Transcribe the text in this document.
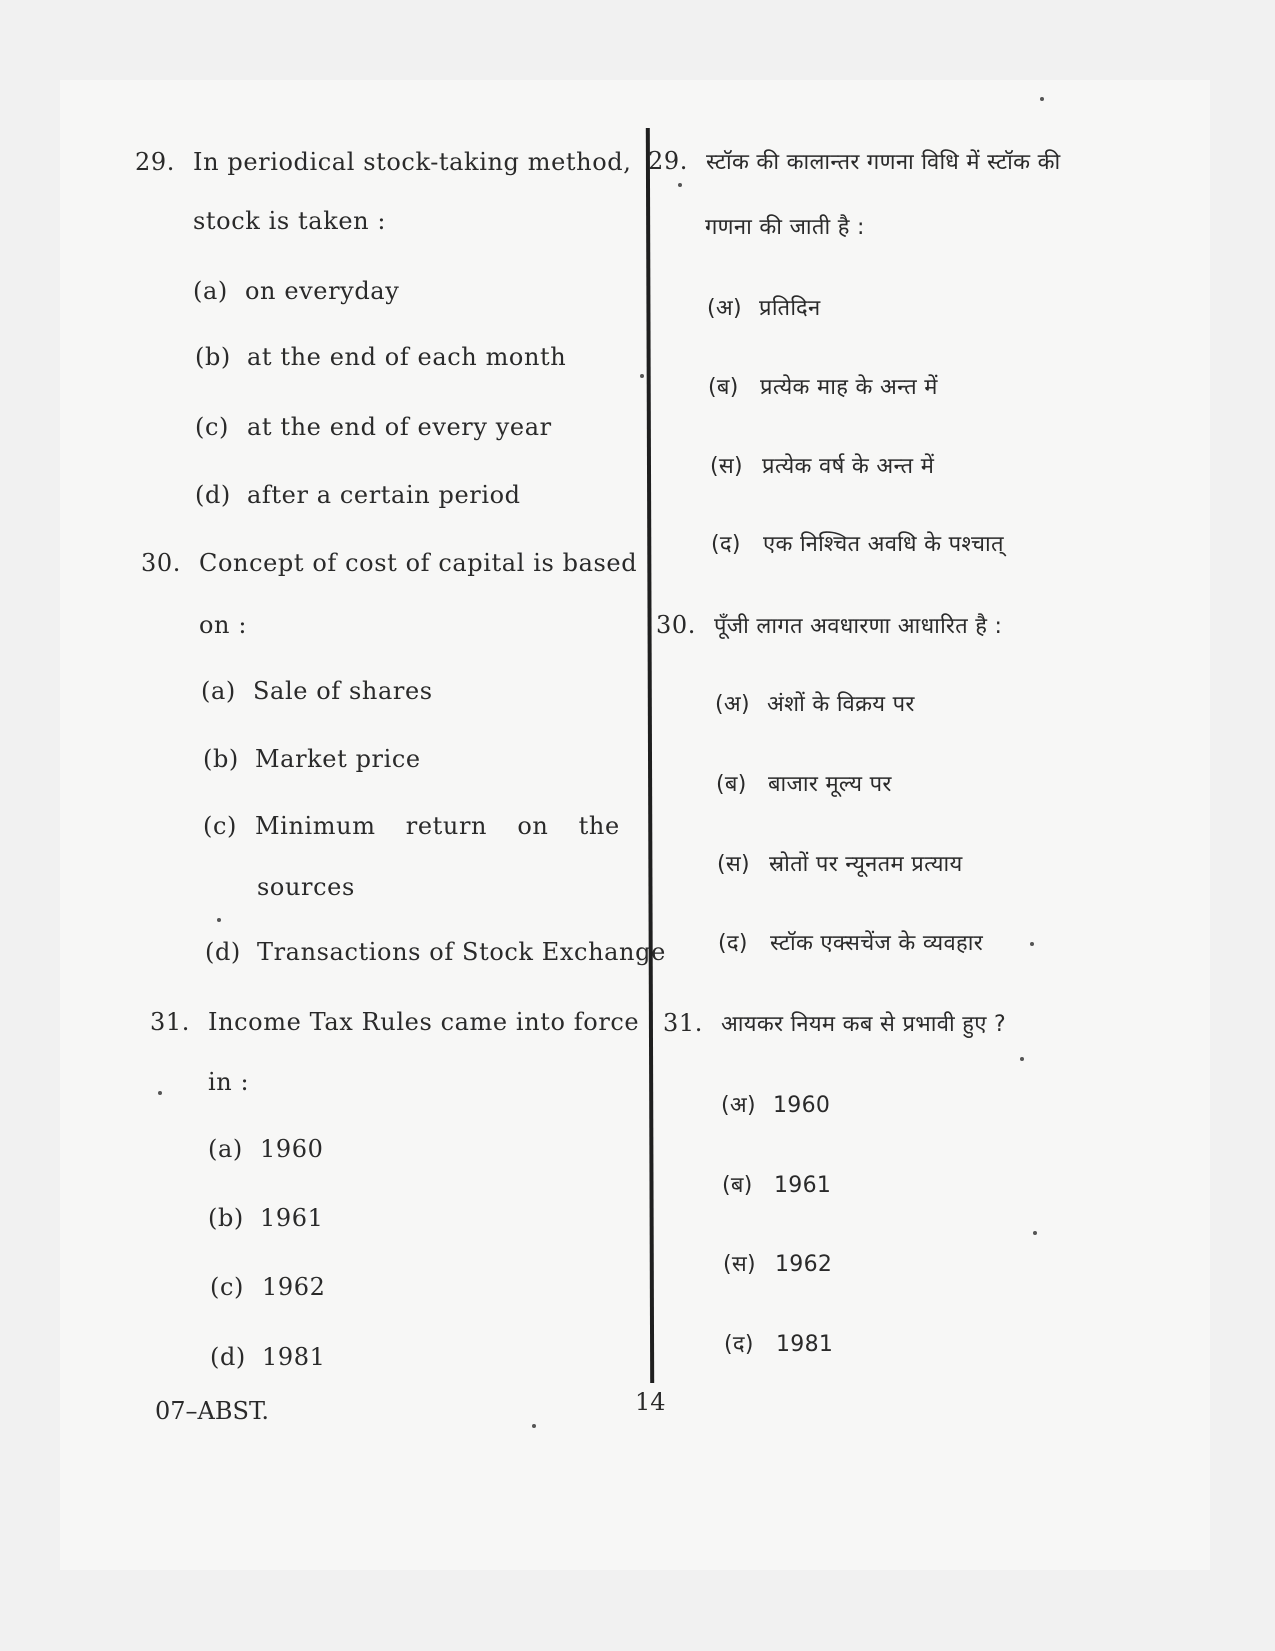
29. In periodical stock-taking method,
stock is taken :
(a) on everyday
(b) at the end of each month
(c) at the end of every year
(d) after a certain period
30. Concept of cost of capital is based
on :
(a) Sale of shares
(b) Market price
(c) Minimum return on the
sources
(d) Transactions of Stock Exchange
31. Income Tax Rules came into force
in :
(a) 1960
(b) 1961
(c) 1962
(d) 1981
29. स्टॉक की कालान्तर गणना विधि में स्टॉक की
गणना की जाती है :
(अ) प्रतिदिन
(ब) प्रत्येक माह के अन्त में
(स) प्रत्येक वर्ष के अन्त में
(द) एक निश्चित अवधि के पश्चात्
30. पूँजी लागत अवधारणा आधारित है :
(अ) अंशों के विक्रय पर
(ब) बाजार मूल्य पर
(स) स्रोतों पर न्यूनतम प्रत्याय
(द) स्टॉक एक्सचेंज के व्यवहार
31. आयकर नियम कब से प्रभावी हुए ?
(अ) 1960
(ब) 1961
(स) 1962
(द) 1981
07–ABST.	14
